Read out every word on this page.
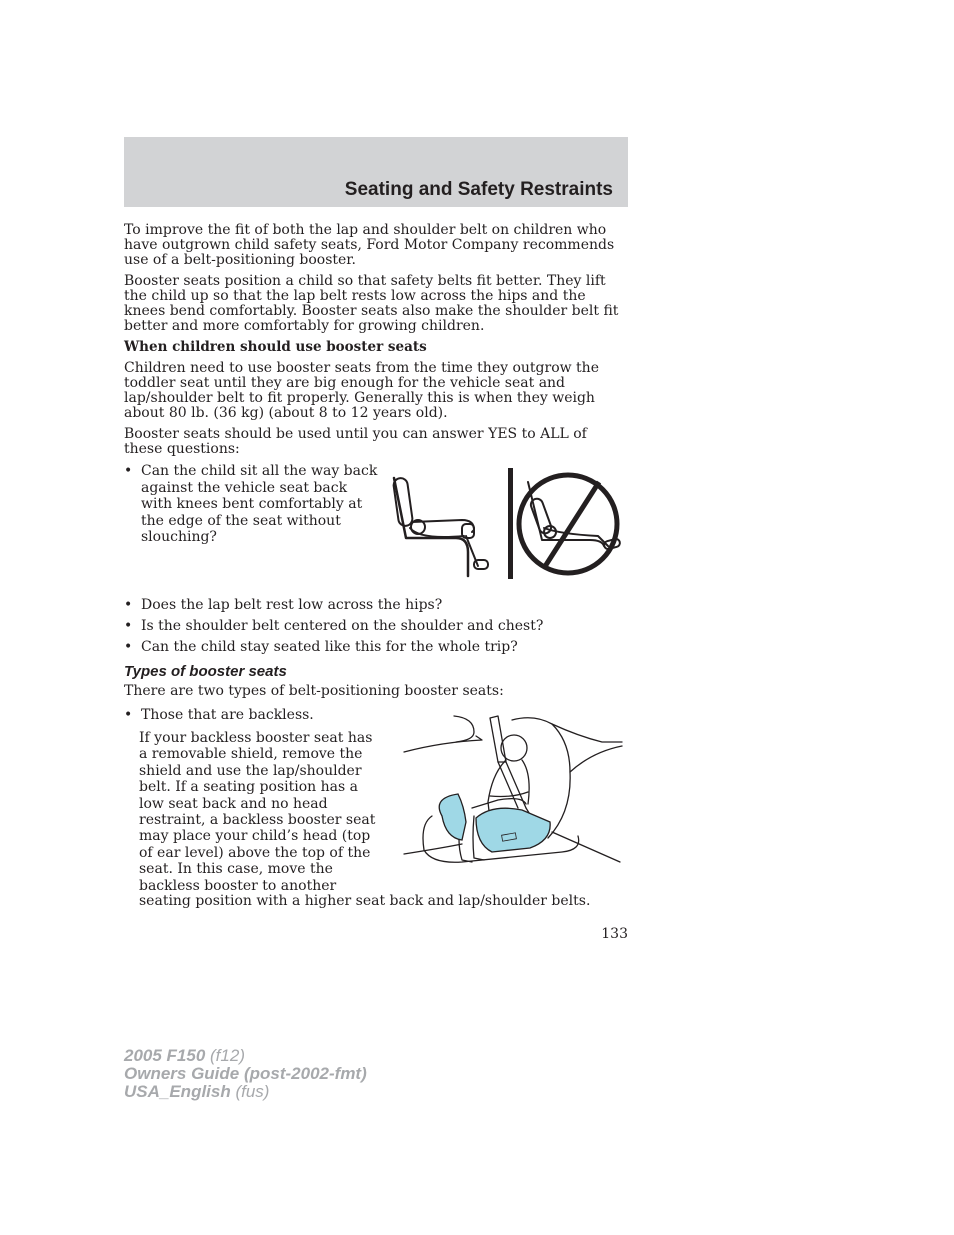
Seating and Safety Restraints

To improve the fit of both the lap and shoulder belt on children who have outgrown child safety seats, Ford Motor Company recommends use of a belt-positioning booster.

Booster seats position a child so that safety belts fit better. They lift the child up so that the lap belt rests low across the hips and the knees bend comfortably. Booster seats also make the shoulder belt fit better and more comfortably for growing children.

When children should use booster seats

Children need to use booster seats from the time they outgrow the toddler seat until they are big enough for the vehicle seat and lap/shoulder belt to fit properly. Generally this is when they weigh about 80 lb. (36 kg) (about 8 to 12 years old).

Booster seats should be used until you can answer YES to ALL of these questions:

• Can the child sit all the way back against the vehicle seat back with knees bent comfortably at the edge of the seat without slouching?
• Does the lap belt rest low across the hips?
• Is the shoulder belt centered on the shoulder and chest?
• Can the child stay seated like this for the whole trip?

Types of booster seats

There are two types of belt-positioning booster seats:

• Those that are backless.

If your backless booster seat has a removable shield, remove the shield and use the lap/shoulder belt. If a seating position has a low seat back and no head restraint, a backless booster seat may place your child’s head (top of ear level) above the top of the seat. In this case, move the backless booster to another

seating position with a higher seat back and lap/shoulder belts.

133
2005 F150 (f12)
Owners Guide (post-2002-fmt)
USA_English (fus)
